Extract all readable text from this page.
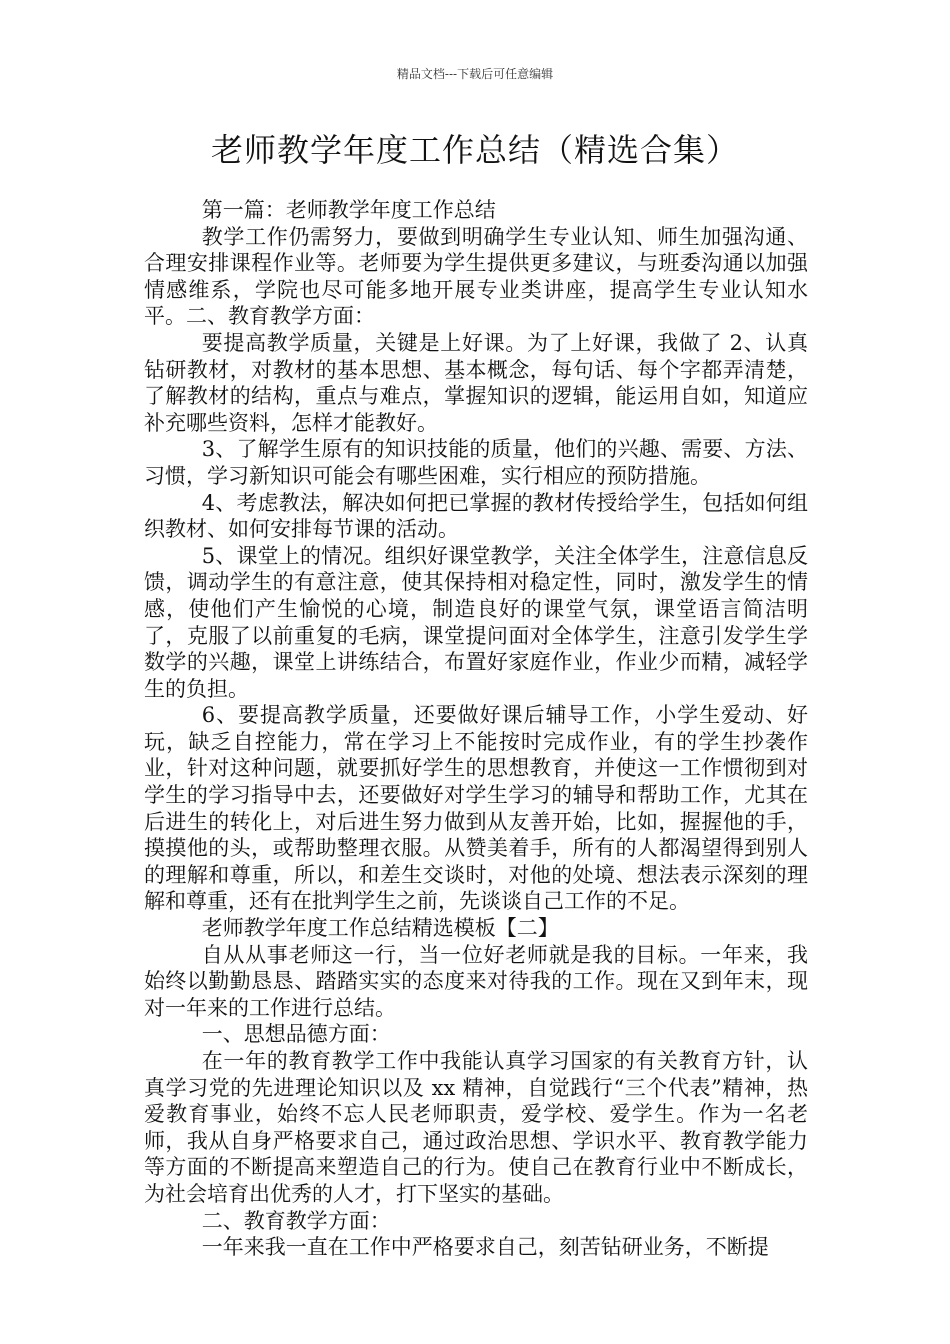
精品文档---下载后可任意编辑
老师教学年度工作总结（精选合集）

第一篇：老师教学年度工作总结

教学工作仍需努力，要做到明确学生专业认知、师生加强沟通、合理安排课程作业等。老师要为学生提供更多建议，与班委沟通以加强情感维系，学院也尽可能多地开展专业类讲座，提高学生专业认知水平。二、教育教学方面：

要提高教学质量，关键是上好课。为了上好课，我做了 2、认真钻研教材，对教材的基本思想、基本概念，每句话、每个字都弄清楚，了解教材的结构，重点与难点，掌握知识的逻辑，能运用自如，知道应补充哪些资料，怎样才能教好。

3、了解学生原有的知识技能的质量，他们的兴趣、需要、方法、习惯，学习新知识可能会有哪些困难，实行相应的预防措施。

4、考虑教法，解决如何把已掌握的教材传授给学生，包括如何组织教材、如何安排每节课的活动。

5、课堂上的情况。组织好课堂教学，关注全体学生，注意信息反馈，调动学生的有意注意，使其保持相对稳定性，同时，激发学生的情感，使他们产生愉悦的心境，制造良好的课堂气氛，课堂语言简洁明了，克服了以前重复的毛病，课堂提问面对全体学生，注意引发学生学数学的兴趣，课堂上讲练结合，布置好家庭作业，作业少而精，减轻学生的负担。

6、要提高教学质量，还要做好课后辅导工作，小学生爱动、好玩，缺乏自控能力，常在学习上不能按时完成作业，有的学生抄袭作业，针对这种问题，就要抓好学生的思想教育，并使这一工作惯彻到对学生的学习指导中去，还要做好对学生学习的辅导和帮助工作，尤其在后进生的转化上，对后进生努力做到从友善开始，比如，握握他的手，摸摸他的头，或帮助整理衣服。从赞美着手，所有的人都渴望得到别人的理解和尊重，所以，和差生交谈时，对他的处境、想法表示深刻的理解和尊重，还有在批判学生之前，先谈谈自己工作的不足。

老师教学年度工作总结精选模板【二】

自从从事老师这一行，当一位好老师就是我的目标。一年来，我始终以勤勤恳恳、踏踏实实的态度来对待我的工作。现在又到年末，现对一年来的工作进行总结。

一、思想品德方面：

在一年的教育教学工作中我能认真学习国家的有关教育方针，认真学习党的先进理论知识以及 xx 精神，自觉践行“三个代表”精神，热爱教育事业，始终不忘人民老师职责，爱学校、爱学生。作为一名老师，我从自身严格要求自己，通过政治思想、学识水平、教育教学能力等方面的不断提高来塑造自己的行为。使自己在教育行业中不断成长，为社会培育出优秀的人才，打下坚实的基础。

二、教育教学方面：

一年来我一直在工作中严格要求自己，刻苦钻研业务，不断提
